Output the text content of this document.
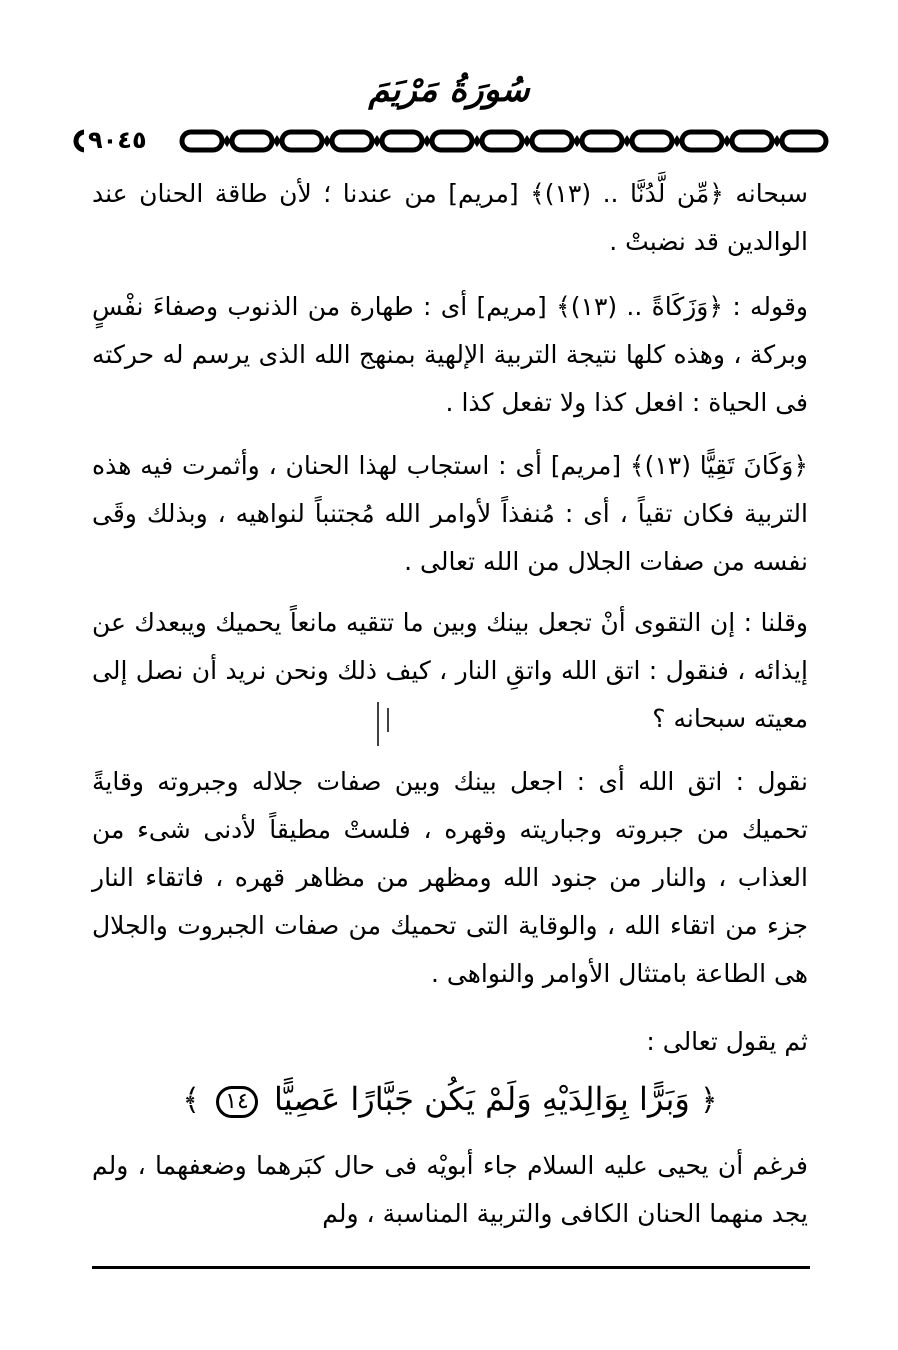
سُورَةُ مَرْيَمَ
٩٠٤٥

سبحانه ﴿مِّن لَّدُنَّا .. (١٣)﴾ [مريم] من عندنا ؛ لأن طاقة الحنان عند الوالدين قد نضبتْ .

وقوله : ﴿وَزَكَاةً .. (١٣)﴾ [مريم] أى : طهارة من الذنوب وصفاءَ نفْسٍ وبركة ، وهذه كلها نتيجة التربية الإلهية بمنهج الله الذى يرسم له حركته فى الحياة : افعل كذا ولا تفعل كذا .

﴿وَكَانَ تَقِيًّا (١٣)﴾ [مريم] أى : استجاب لهذا الحنان ، وأثمرت فيه هذه التربية فكان تقياً ، أى : مُنفذاً لأوامر الله مُجتنباً لنواهيه ، وبذلك وقَى نفسه من صفات الجلال من الله تعالى .

وقلنا : إن التقوى أنْ تجعل بينك وبين ما تتقيه مانعاً يحميك ويبعدك عن إيذائه ، فنقول : اتق الله واتقِ النار ، كيف ذلك ونحن نريد أن نصل إلى معيته سبحانه ؟

نقول : اتق الله أى : اجعل بينك وبين صفات جلاله وجبروته وقايةً تحميك من جبروته وجباريته وقهره ، فلستْ مطيقاً لأدنى شىء من العذاب ، والنار من جنود الله ومظهر من مظاهر قهره ، فاتقاء النار جزء من اتقاء الله ، والوقاية التى تحميك من صفات الجبروت والجلال هى الطاعة بامتثال الأوامر والنواهى .

ثم يقول تعالى :

﴿ وَبَرًّا بِوَالِدَيْهِ وَلَمْ يَكُن جَبَّارًا عَصِيًّا ١٤ ﴾

فرغم أن يحيى عليه السلام جاء أبويْه فى حال كبَرهما وضعفهما ، ولم يجد منهما الحنان الكافى والتربية المناسبة ، ولم
